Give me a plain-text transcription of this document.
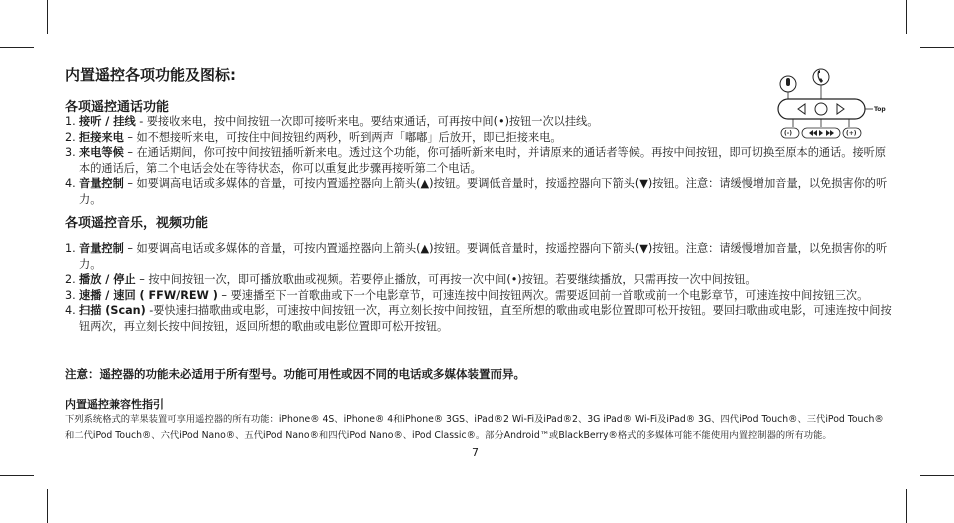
内置遥控各项功能及图标:
Top
(-)	(+)
各项遥控通话功能
1. 接听 / 挂线 - 要接收来电，按中间按钮一次即可接听来电。要结束通话，可再按中间(•)按钮一次以挂线。
2. 拒接来电 – 如不想接听来电，可按住中间按钮约两秒，听到两声「嘟嘟」后放开，即已拒接来电。
3. 来电等候 – 在通话期间，你可按中间按钮插听新来电。透过这个功能，你可插听新来电时，并请原来的通话者等候。再按中间按钮，即可切换至原本的通话。接听原本的通话后，第二个电话会处在等待状态，你可以重复此步骤再接听第二个电话。
4. 音量控制 – 如要调高电话或多媒体的音量，可按内置遥控器向上箭头(▲)按钮。要调低音量时，按遥控器向下箭头(▼)按钮。注意：请缓慢增加音量，以免损害你的听力。
各项遥控音乐，视频功能
1. 音量控制 – 如要调高电话或多媒体的音量，可按内置遥控器向上箭头(▲)按钮。要调低音量时，按遥控器向下箭头(▼)按钮。注意：请缓慢增加音量，以免损害你的听力。
2. 播放 / 停止 – 按中间按钮一次，即可播放歌曲或视频。若要停止播放，可再按一次中间(•)按钮。若要继续播放，只需再按一次中间按钮。
3. 速播 / 速回 ( FFW/REW ) – 要速播至下一首歌曲或下一个电影章节，可速连按中间按钮两次。需要返回前一首歌或前一个电影章节，可速连按中间按钮三次。
4. 扫描 (Scan) -要快速扫描歌曲或电影，可速按中间按钮一次，再立刻长按中间按钮，直至所想的歌曲或电影位置即可松开按钮。要回扫歌曲或电影，可速连按中间按钮两次，再立刻长按中间按钮，返回所想的歌曲或电影位置即可松开按钮。
注意：遥控器的功能未必适用于所有型号。功能可用性或因不同的电话或多媒体装置而异。
内置遥控兼容性指引
下列系统格式的苹果装置可享用遥控器的所有功能：iPhone® 4S、iPhone® 4和iPhone® 3GS、iPad®2 Wi-Fi及iPad®2、3G iPad® Wi-Fi及iPad® 3G、四代iPod Touch®、三代iPod Touch®和二代iPod Touch®、六代iPod Nano®、五代iPod Nano®和四代iPod Nano®、iPod Classic®。部分Android™或BlackBerry®格式的多媒体可能不能使用内置控制器的所有功能。
7
